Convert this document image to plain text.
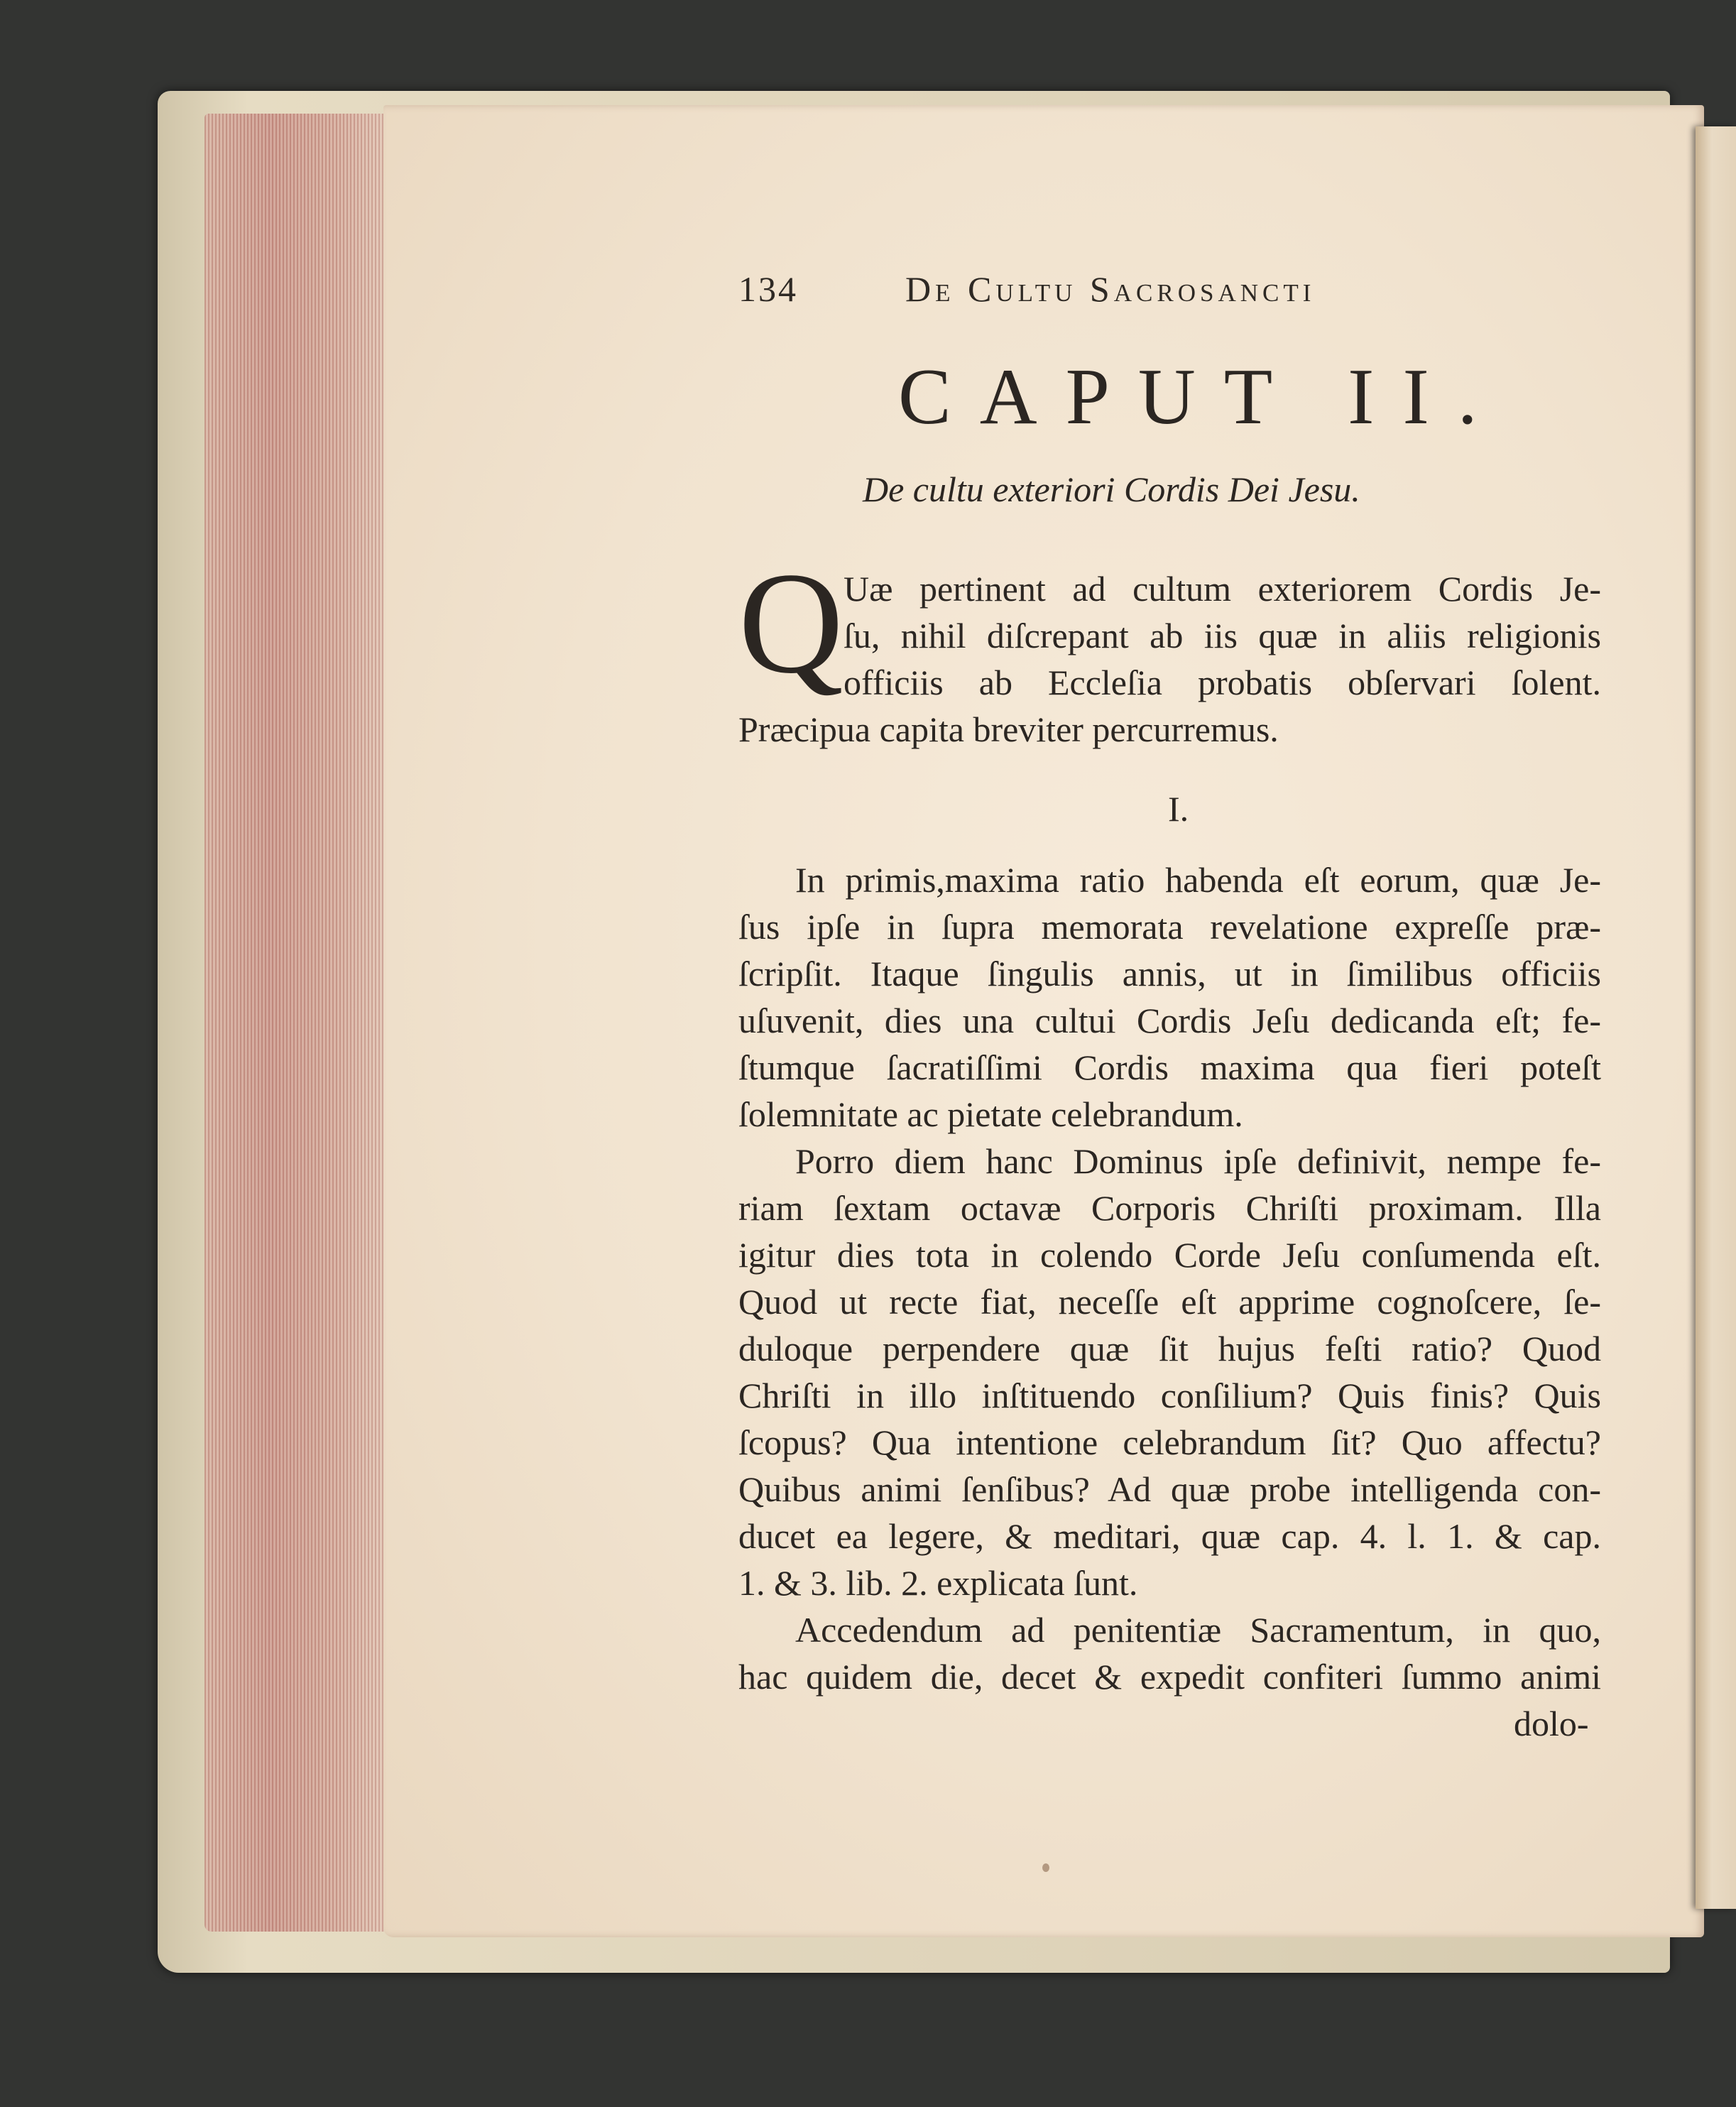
134	De Cultu Sacrosancti
CAPUT II.
De cultu exteriori Cordis Dei Jesu.
Q Uæ pertinent ad cultum exteriorem Cordis Je-
ſu, nihil diſcrepant ab iis quæ in aliis religionis
officiis ab Eccleſia probatis obſervari ſolent.
Præcipua capita breviter percurremus.
I.
In primis,maxima ratio habenda eſt eorum, quæ Je-
ſus ipſe in ſupra memorata revelatione expreſſe præ-
ſcripſit. Itaque ſingulis annis, ut in ſimilibus officiis
uſuvenit, dies una cultui Cordis Jeſu dedicanda eſt; fe-
ſtumque ſacratiſſimi Cordis maxima qua fieri poteſt
ſolemnitate ac pietate celebrandum.
Porro diem hanc Dominus ipſe definivit, nempe fe-
riam ſextam octavæ Corporis Chriſti proximam. Illa
igitur dies tota in colendo Corde Jeſu conſumenda eſt.
Quod ut recte fiat, neceſſe eſt apprime cognoſcere, ſe-
duloque perpendere quæ ſit hujus feſti ratio? Quod
Chriſti in illo inſtituendo conſilium? Quis finis? Quis
ſcopus? Qua intentione celebrandum ſit? Quo affectu?
Quibus animi ſenſibus? Ad quæ probe intelligenda con-
ducet ea legere, & meditari, quæ cap. 4. l. 1. & cap.
1. & 3. lib. 2. explicata ſunt.
Accedendum ad penitentiæ Sacramentum, in quo,
hac quidem die, decet & expedit confiteri ſummo animi
dolo-
